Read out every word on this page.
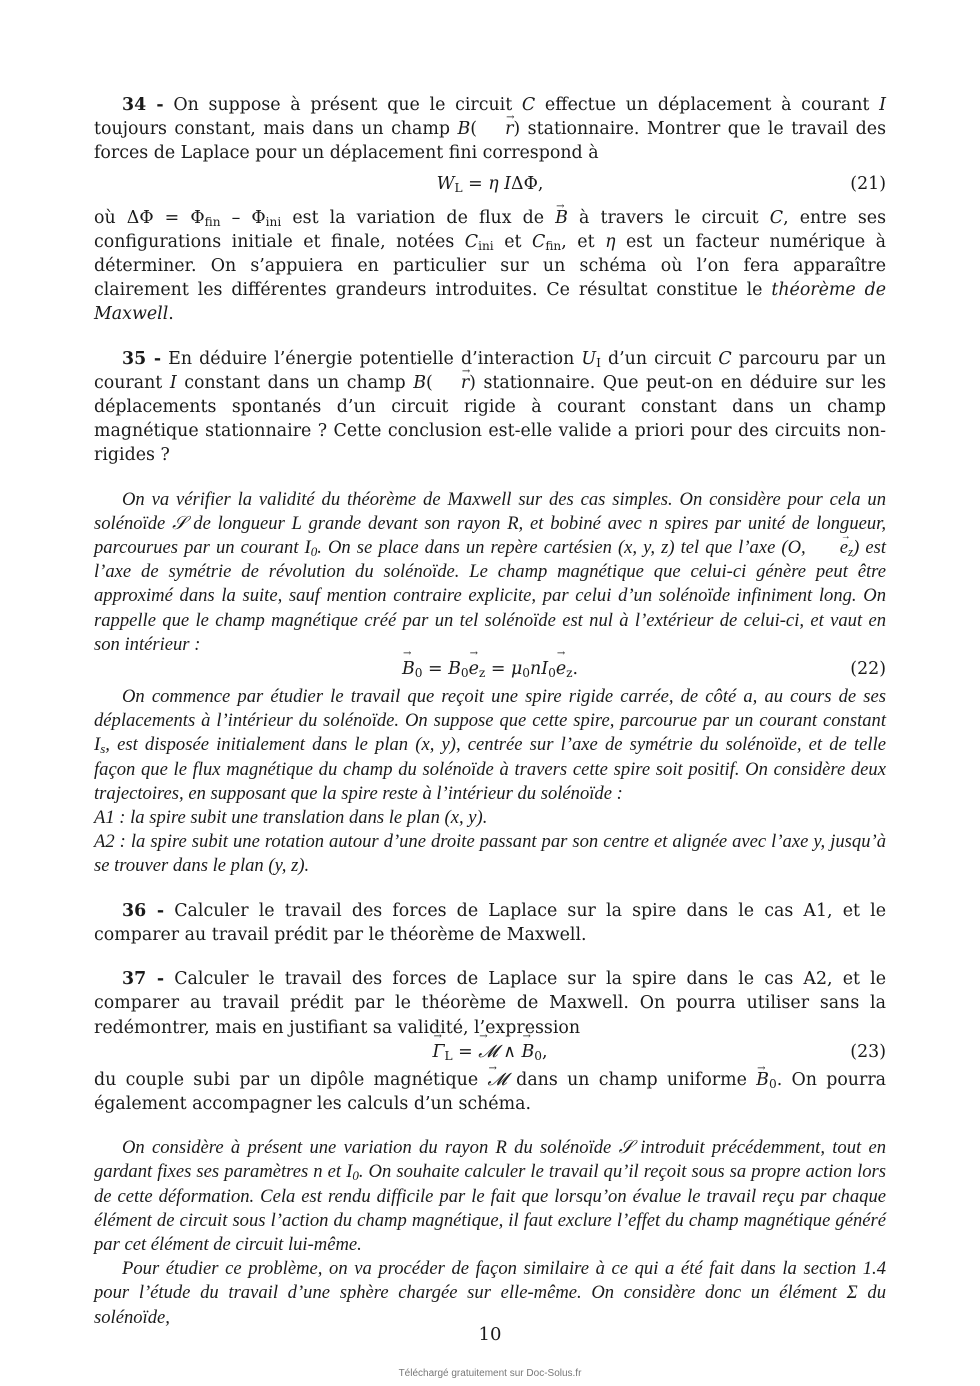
34 - On suppose à présent que le circuit C effectue un déplacement à courant I toujours constant, mais dans un champ B( → r) stationnaire. Montrer que le travail des forces de Laplace pour un déplacement fini correspond à

$W_L = \eta$ IΔΦ,	(21)

où $\Delta\Phi = \Phi_{fin} - \Phi_{ini}$ est la variation de flux de → B à travers le circuit C, entre ses configurations initiale et finale, notées $C_{ini}$ et $C_{fin}$, et η est un facteur numérique à déterminer. On s’appuiera en particulier sur un schéma où l’on fera apparaître clairement les différentes grandeurs introduites. Ce résultat constitue le théorème de Maxwell.

35 - En déduire l’énergie potentielle d’interaction $U_I$ d’un circuit C parcouru par un courant I constant dans un champ B( → r) stationnaire. Que peut-on en déduire sur les déplacements spontanés d’un circuit rigide à courant constant dans un champ magnétique stationnaire ? Cette conclusion est-elle valide a priori pour des circuits non-rigides ?

On va vérifier la validité du théorème de Maxwell sur des cas simples. On considère pour cela un solénoïde 𝒮 de longueur L grande devant son rayon R, et bobiné avec n spires par unité de longueur, parcourues par un courant $I_0$. On se place dans un repère cartésien (x, y, z) tel que l’axe (O, → $e_z$) est l’axe de symétrie de révolution du solénoïde. Le champ magnétique que celui-ci génère peut être approximé dans la suite, sauf mention contraire explicite, par celui d’un solénoïde infiniment long. On rappelle que le champ magnétique créé par un tel solénoïde est nul à l’extérieur de celui-ci, et vaut en son intérieur :

→ $B_0 = B_0\to e_z = \mu_0nI_0\to e_z$.	(22)

On commence par étudier le travail que reçoit une spire rigide carrée, de côté a, au cours de ses déplacements à l’intérieur du solénoïde. On suppose que cette spire, parcourue par un courant constant $I_s$, est disposée initialement dans le plan (x, y), centrée sur l’axe de symétrie du solénoïde, et de telle façon que le flux magnétique du champ du solénoïde à travers cette spire soit positif. On considère deux trajectoires, en supposant que la spire reste à l’intérieur du solénoïde :

A1 : la spire subit une translation dans le plan (x, y).

A2 : la spire subit une rotation autour d’une droite passant par son centre et alignée avec l’axe y, jusqu’à se trouver dans le plan (y, z).

36 - Calculer le travail des forces de Laplace sur la spire dans le cas A1, et le comparer au travail prédit par le théorème de Maxwell.

37 - Calculer le travail des forces de Laplace sur la spire dans le cas A2, et le comparer au travail prédit par le théorème de Maxwell. On pourra utiliser sans la redémontrer, mais en justifiant sa validité, l’expression

→ $\Gamma_L$ = → 𝓜 ∧ → $B_0$,	(23)

du couple subi par un dipôle magnétique → 𝓜 dans un champ uniforme → $B_0$. On pourra également accompagner les calculs d’un schéma.

On considère à présent une variation du rayon R du solénoïde 𝒮 introduit précédemment, tout en gardant fixes ses paramètres n et $I_0$. On souhaite calculer le travail qu’il reçoit sous sa propre action lors de cette déformation. Cela est rendu difficile par le fait que lorsqu’on évalue le travail reçu par chaque élément de circuit sous l’action du champ magnétique, il faut exclure l’effet du champ magnétique généré par cet élément de circuit lui-même.

Pour étudier ce problème, on va procéder de façon similaire à ce qui a été fait dans la section 1.4 pour l’étude du travail d’une sphère chargée sur elle-même. On considère donc un élément Σ du solénoïde,

10
Téléchargé gratuitement sur Doc-Solus.fr
